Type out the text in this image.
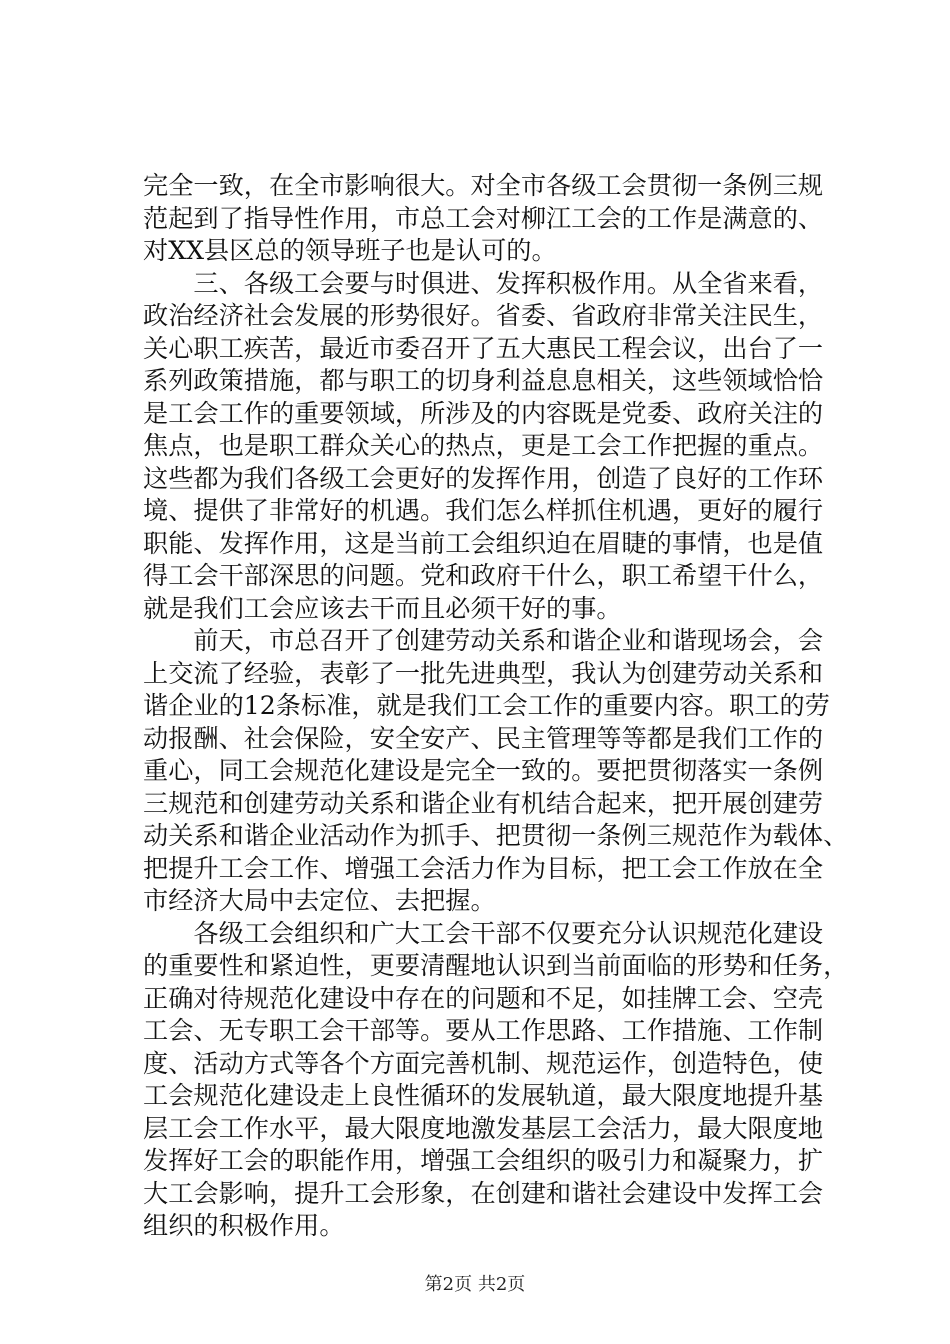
完全一致，在全市影响很大。对全市各级工会贯彻一条例三规
范起到了指导性作用，市总工会对柳江工会的工作是满意的、
对XX县区总的领导班子也是认可的。
　　三、各级工会要与时俱进、发挥积极作用。从全省来看，
政治经济社会发展的形势很好。省委、省政府非常关注民生，
关心职工疾苦，最近市委召开了五大惠民工程会议，出台了一
系列政策措施，都与职工的切身利益息息相关，这些领域恰恰
是工会工作的重要领域，所涉及的内容既是党委、政府关注的
焦点，也是职工群众关心的热点，更是工会工作把握的重点。
这些都为我们各级工会更好的发挥作用，创造了良好的工作环
境、提供了非常好的机遇。我们怎么样抓住机遇，更好的履行
职能、发挥作用，这是当前工会组织迫在眉睫的事情，也是值
得工会干部深思的问题。党和政府干什么，职工希望干什么，
就是我们工会应该去干而且必须干好的事。
　　前天，市总召开了创建劳动关系和谐企业和谐现场会，会
上交流了经验，表彰了一批先进典型，我认为创建劳动关系和
谐企业的12条标准，就是我们工会工作的重要内容。职工的劳
动报酬、社会保险，安全安产、民主管理等等都是我们工作的
重心，同工会规范化建设是完全一致的。要把贯彻落实一条例
三规范和创建劳动关系和谐企业有机结合起来，把开展创建劳
动关系和谐企业活动作为抓手、把贯彻一条例三规范作为载体、
把提升工会工作、增强工会活力作为目标，把工会工作放在全
市经济大局中去定位、去把握。
　　各级工会组织和广大工会干部不仅要充分认识规范化建设
的重要性和紧迫性，更要清醒地认识到当前面临的形势和任务，
正确对待规范化建设中存在的问题和不足，如挂牌工会、空壳
工会、无专职工会干部等。要从工作思路、工作措施、工作制
度、活动方式等各个方面完善机制、规范运作，创造特色，使
工会规范化建设走上良性循环的发展轨道，最大限度地提升基
层工会工作水平，最大限度地激发基层工会活力，最大限度地
发挥好工会的职能作用，增强工会组织的吸引力和凝聚力，扩
大工会影响，提升工会形象，在创建和谐社会建设中发挥工会
组织的积极作用。
第2页 共2页
